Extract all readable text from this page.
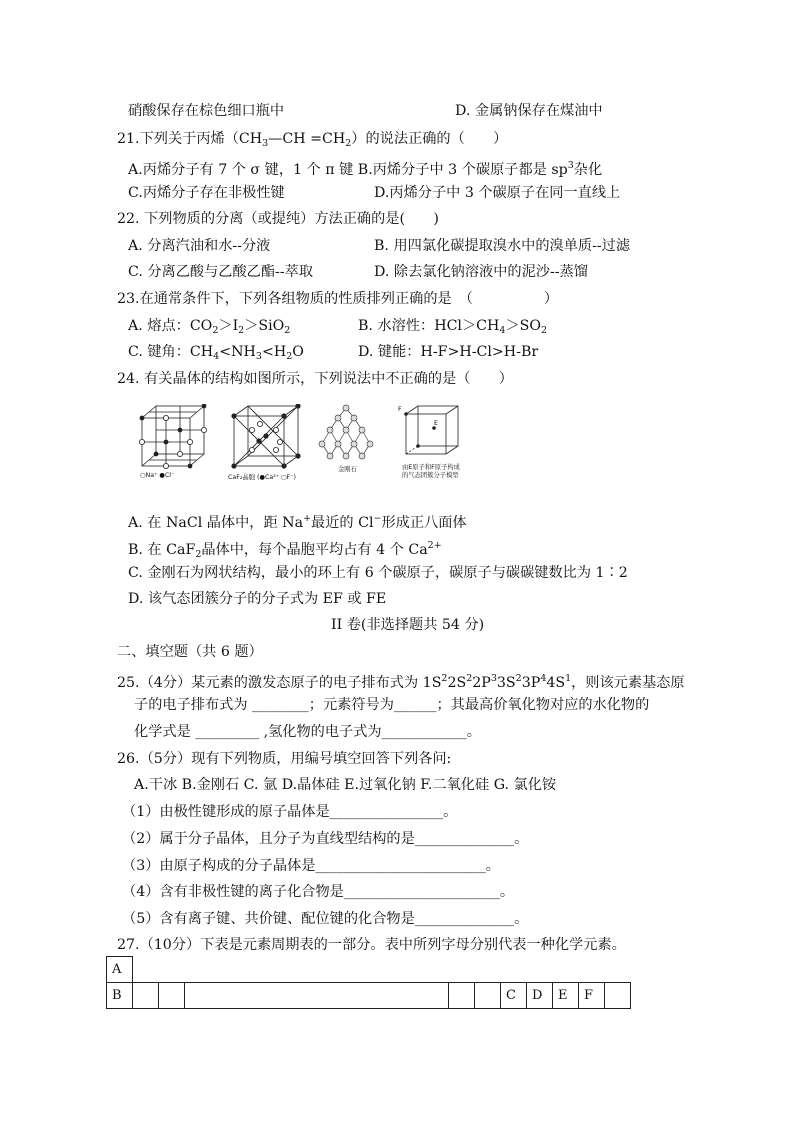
硝酸保存在棕色细口瓶中	D. 金属钠保存在煤油中
21.下列关于丙烯$(CH_3—CH =CH_2)$的说法正确的（　　）
A.丙烯分子有 7 个 σ 键，1 个 π 键 B.丙烯分子中 3 个碳原子都是 $sp^3$杂化
C.丙烯分子存在非极性键	D.丙烯分子中 3 个碳原子在同一直线上
22. 下列物质的分离（或提纯）方法正确的是(　　)
A. 分离汽油和水--分液	B. 用四氯化碳提取溴水中的溴单质--过滤
C. 分离乙酸与乙酸乙酯--萃取	D. 除去氯化钠溶液中的泥沙--蒸馏
23.在通常条件下，下列各组物质的性质排列正确的是　（　　　　　）
A. 熔点：$CO_2>I_2>SiO_2$	B. 水溶性：$HCl>CH_4>SO_2$
C. 键角：$CH_4<NH_3<H_2O$	D. 键能：H-F>H-Cl>H-Br
24. 有关晶体的结构如图所示，下列说法中不正确的是（　　）
○Na⁺ ●Cl⁻	CaF₂晶胞 (●Ca²⁺ ○F⁻)
金刚石
F
E
由E原子和F原子构成
的气态团簇分子模型
A. 在 NaCl 晶体中，距 Na+最近的 Cl−形成正八面体
B. 在 CaF$_2$晶体中，每个晶胞平均占有 4 个 $Ca^{2+}$
C. 金刚石为网状结构，最小的环上有 6 个碳原子，碳原子与碳碳键数比为 1∶2
D. 该气态团簇分子的分子式为 EF 或 FE
II 卷(非选择题共 54 分)
二、填空题（共 6 题）
25.（4分）某元素的激发态原子的电子排布式为 $1S^22S^22P^33S^23P^44S^1$，则该元素基态原
子的电子排布式为 ________；元素符号为______；其最高价氧化物对应的水化物的
化学式是 _________ ,氢化物的电子式为____________。
26.（5分）现有下列物质，用编号填空回答下列各问:
A.干冰 B.金刚石 C. 氩 D.晶体硅 E.过氧化钠 F.二氧化硅 G. 氯化铵
（1）由极性键形成的原子晶体是________________。
（2）属于分子晶体，且分子为直线型结构的是______________。
（3）由原子构成的分子晶体是________________________。
（4）含有非极性键的离子化合物是______________________。
（5）含有离子键、共价键、配位键的化合物是______________。
27.（10分）下表是元素周期表的一部分。表中所列字母分别代表一种化学元素。
A											
B						C	D	E	F		
